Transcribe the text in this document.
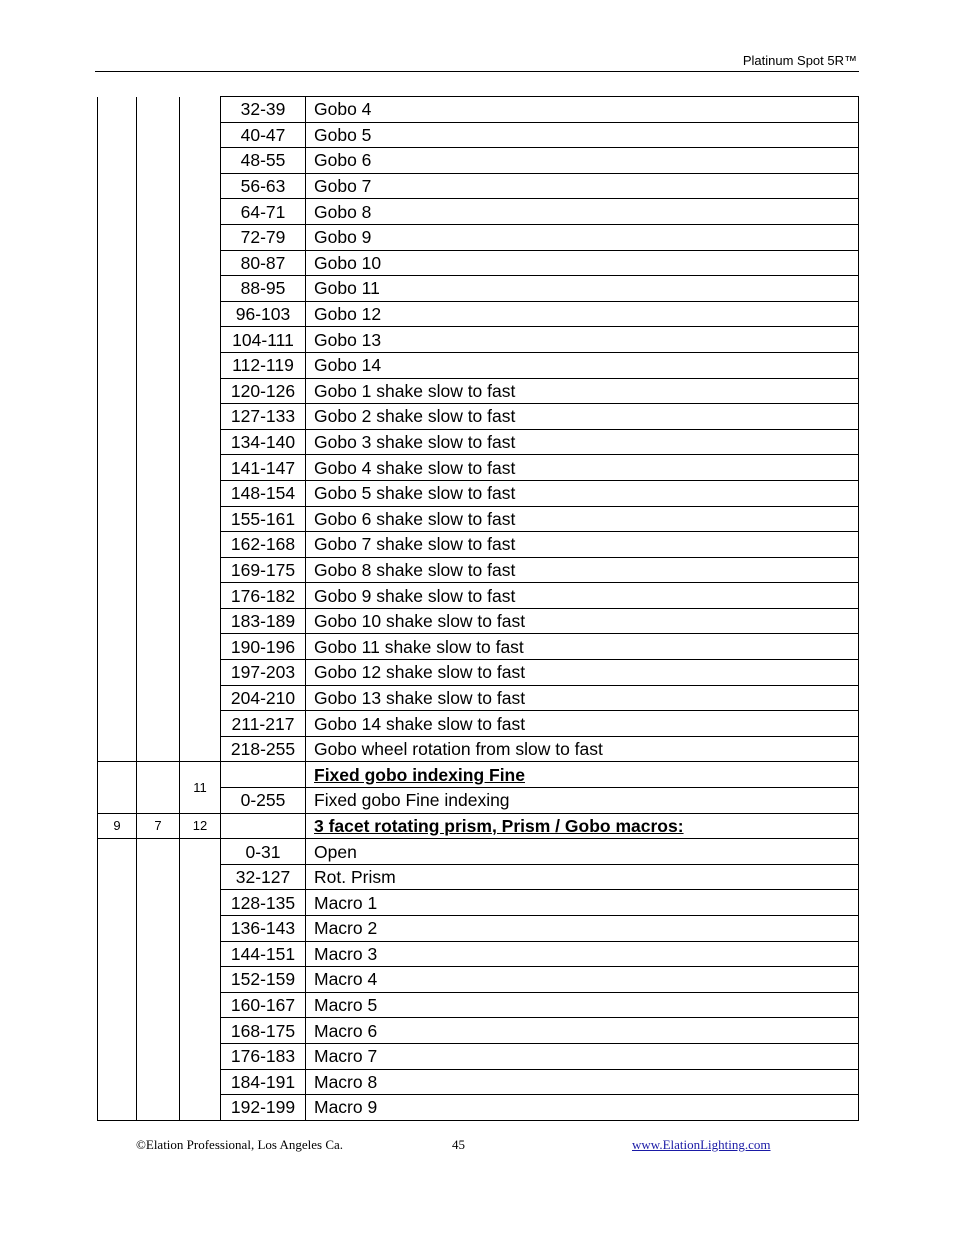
Platinum Spot 5R™
			32-39	Gobo 4
			40-47	Gobo 5
			48-55	Gobo 6
			56-63	Gobo 7
			64-71	Gobo 8
			72-79	Gobo 9
			80-87	Gobo 10
			88-95	Gobo 11
			96-103	Gobo 12
			104-111	Gobo 13
			112-119	Gobo 14
			120-126	Gobo 1 shake slow to fast
			127-133	Gobo 2 shake slow to fast
			134-140	Gobo 3 shake slow to fast
			141-147	Gobo 4 shake slow to fast
			148-154	Gobo 5 shake slow to fast
			155-161	Gobo 6 shake slow to fast
			162-168	Gobo 7 shake slow to fast
			169-175	Gobo 8 shake slow to fast
			176-182	Gobo 9 shake slow to fast
			183-189	Gobo 10 shake slow to fast
			190-196	Gobo 11 shake slow to fast
			197-203	Gobo 12 shake slow to fast
			204-210	Gobo 13 shake slow to fast
			211-217	Gobo 14 shake slow to fast
			218-255	Gobo wheel rotation from slow to fast
		11		Fixed gobo indexing Fine
			0-255	Fixed gobo Fine indexing
9	7	12		3 facet rotating prism, Prism / Gobo macros:
			0-31	Open
			32-127	Rot. Prism
			128-135	Macro 1
			136-143	Macro 2
			144-151	Macro 3
			152-159	Macro 4
			160-167	Macro 5
			168-175	Macro 6
			176-183	Macro 7
			184-191	Macro 8
			192-199	Macro 9
©Elation Professional, Los Angeles Ca.	45	www.ElationLighting.com
